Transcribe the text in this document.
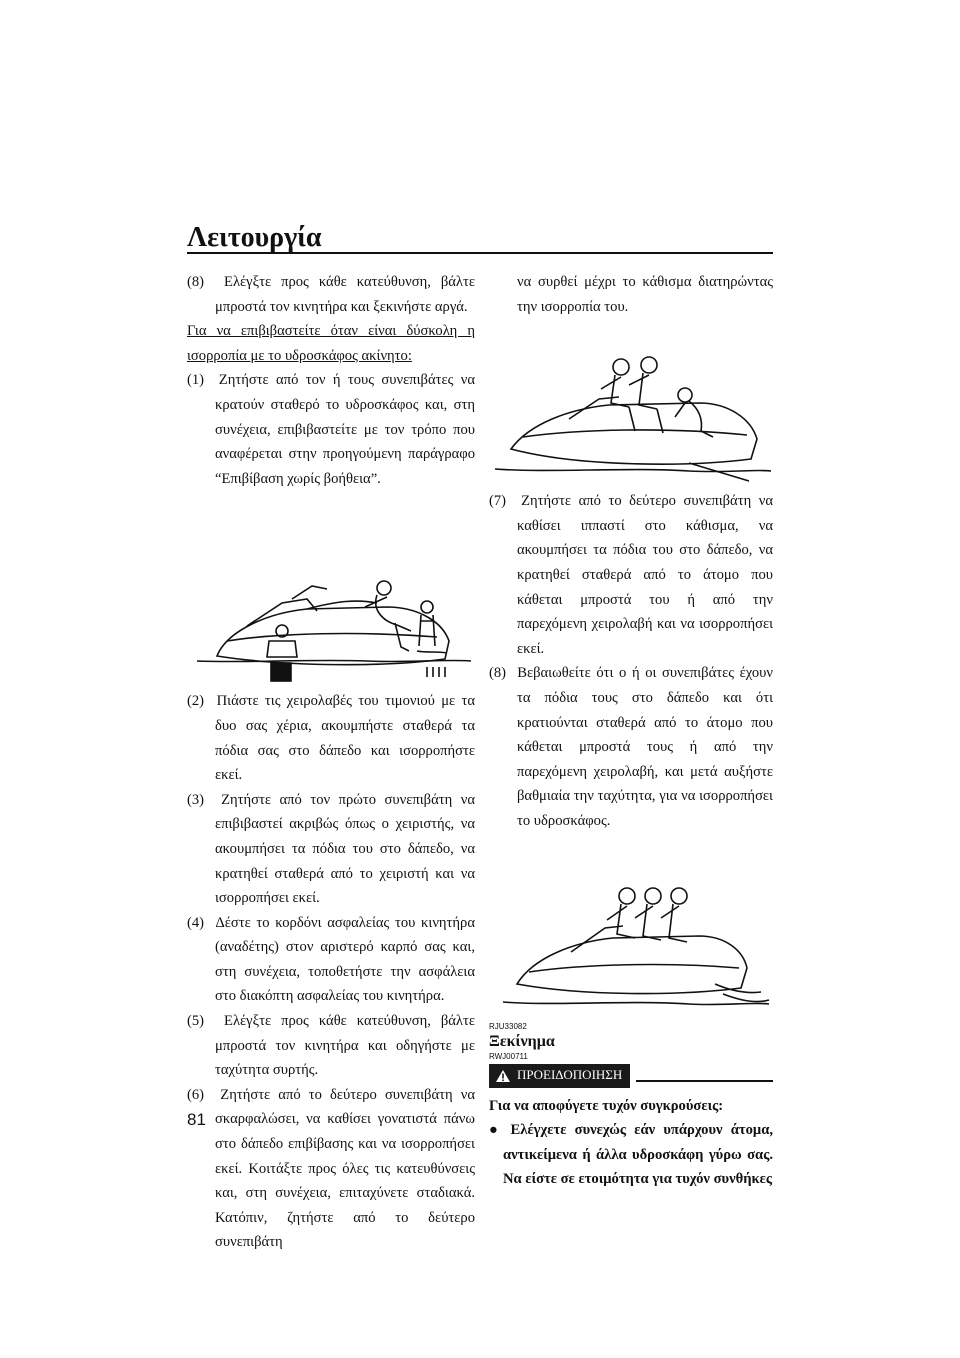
Λειτουργία

(8) Ελέγξτε προς κάθε κατεύθυνση, βάλτε μπροστά τον κινητήρα και ξεκινήστε αργά.

Για να επιβιβαστείτε όταν είναι δύσκολη η ισορροπία με το υδροσκάφος ακίνητο:

(1) Ζητήστε από τον ή τους συνεπιβάτες να κρατούν σταθερό το υδροσκάφος και, στη συνέχεια, επιβιβαστείτε με τον τρόπο που αναφέρεται στην προηγούμενη παράγραφο “Επιβίβαση χωρίς βοήθεια”.

(2) Πιάστε τις χειρολαβές του τιμονιού με τα δυο σας χέρια, ακουμπήστε σταθερά τα πόδια σας στο δάπεδο και ισορροπήστε εκεί.

(3) Ζητήστε από τον πρώτο συνεπιβάτη να επιβιβαστεί ακριβώς όπως ο χειριστής, να ακουμπήσει τα πόδια του στο δάπεδο, να κρατηθεί σταθερά από το χειριστή και να ισορροπήσει εκεί.

(4) Δέστε το κορδόνι ασφαλείας του κινητήρα (αναδέτης) στον αριστερό καρπό σας και, στη συνέχεια, τοποθετήστε την ασφάλεια στο διακόπτη ασφαλείας του κινητήρα.

(5) Ελέγξτε προς κάθε κατεύθυνση, βάλτε μπροστά τον κινητήρα και οδηγήστε με ταχύτητα συρτής.

(6) Ζητήστε από το δεύτερο συνεπιβάτη να σκαρφαλώσει, να καθίσει γονατιστά πάνω στο δάπεδο επιβίβασης και να ισορροπήσει εκεί. Κοιτάξτε προς όλες τις κατευθύνσεις και, στη συνέχεια, επιταχύνετε σταδιακά. Κατόπιν, ζητήστε από το δεύτερο συνεπιβάτη

να συρθεί μέχρι το κάθισμα διατηρώντας την ισορροπία του.

(7) Ζητήστε από το δεύτερο συνεπιβάτη να καθίσει ιππαστί στο κάθισμα, να ακουμπήσει τα πόδια του στο δάπεδο, να κρατηθεί σταθερά από το άτομο που κάθεται μπροστά του ή από την παρεχόμενη χειρολαβή και να ισορροπήσει εκεί.

(8) Βεβαιωθείτε ότι ο ή οι συνεπιβάτες έχουν τα πόδια τους στο δάπεδο και ότι κρατιούνται σταθερά από το άτομο που κάθεται μπροστά τους ή από την παρεχόμενη χειρολαβή, και μετά αυξήστε βαθμιαία την ταχύτητα, για να ισορροπήσει το υδροσκάφος.

RJU33082

Ξεκίνημα

RWJ00711

ΠΡΟΕΙΔΟΠΟΙΗΣΗ

Για να αποφύγετε τυχόν συγκρούσεις:

● Ελέγχετε συνεχώς εάν υπάρχουν άτομα, αντικείμενα ή άλλα υδροσκάφη γύρω σας. Να είστε σε ετοιμότητα για τυχόν συνθήκες

81
